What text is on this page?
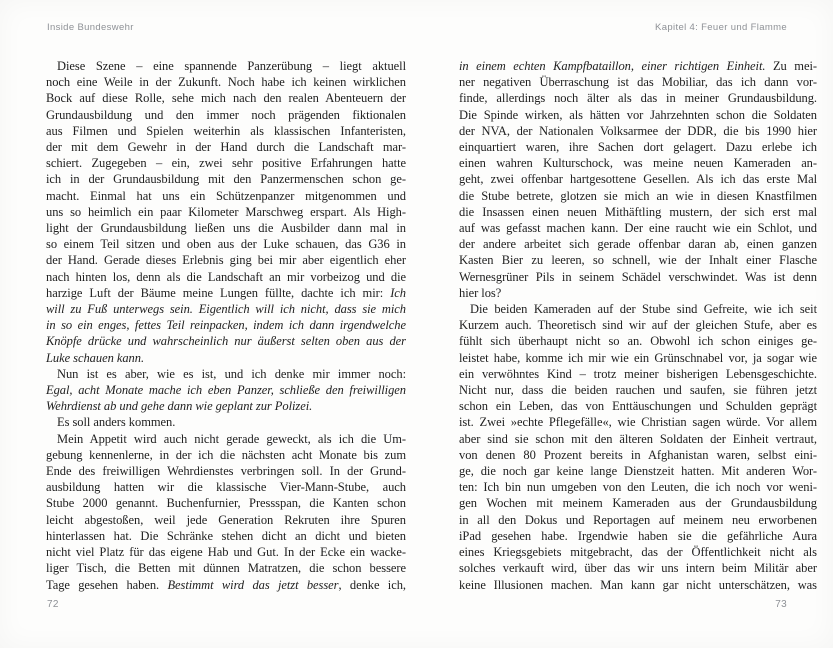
Inside Bundeswehr	Kapitel 4: Feuer und Flamme
Diese Szene – eine spannende Panzerübung – liegt aktuell
noch eine Weile in der Zukunft. Noch habe ich keinen wirklichen
Bock auf diese Rolle, sehe mich nach den realen Abenteuern der
Grundausbildung und den immer noch prägenden fiktionalen
aus Filmen und Spielen weiterhin als klassischen Infanteristen,
der mit dem Gewehr in der Hand durch die Landschaft mar-
schiert. Zugegeben – ein, zwei sehr positive Erfahrungen hatte
ich in der Grundausbildung mit den Panzermenschen schon ge-
macht. Einmal hat uns ein Schützenpanzer mitgenommen und
uns so heimlich ein paar Kilometer Marschweg erspart. Als High-
light der Grundausbildung ließen uns die Ausbilder dann mal in
so einem Teil sitzen und oben aus der Luke schauen, das G36 in
der Hand. Gerade dieses Erlebnis ging bei mir aber eigentlich eher
nach hinten los, denn als die Landschaft an mir vorbeizog und die
harzige Luft der Bäume meine Lungen füllte, dachte ich mir: Ich
will zu Fuß unterwegs sein. Eigentlich will ich nicht, dass sie mich
in so ein enges, fettes Teil reinpacken, indem ich dann irgendwelche
Knöpfe drücke und wahrscheinlich nur äußerst selten oben aus der
Luke schauen kann.
Nun ist es aber, wie es ist, und ich denke mir immer noch:
Egal, acht Monate mache ich eben Panzer, schließe den freiwilligen
Wehrdienst ab und gehe dann wie geplant zur Polizei.
Es soll anders kommen.
Mein Appetit wird auch nicht gerade geweckt, als ich die Um-
gebung kennenlerne, in der ich die nächsten acht Monate bis zum
Ende des freiwilligen Wehrdienstes verbringen soll. In der Grund-
ausbildung hatten wir die klassische Vier-Mann-Stube, auch
Stube 2000 genannt. Buchenfurnier, Pressspan, die Kanten schon
leicht abgestoßen, weil jede Generation Rekruten ihre Spuren
hinterlassen hat. Die Schränke stehen dicht an dicht und bieten
nicht viel Platz für das eigene Hab und Gut. In der Ecke ein wacke-
liger Tisch, die Betten mit dünnen Matratzen, die schon bessere
Tage gesehen haben. Bestimmt wird das jetzt besser, denke ich,
in einem echten Kampfbataillon, einer richtigen Einheit. Zu mei-
ner negativen Überraschung ist das Mobiliar, das ich dann vor-
finde, allerdings noch älter als das in meiner Grundausbildung.
Die Spinde wirken, als hätten vor Jahrzehnten schon die Soldaten
der NVA, der Nationalen Volksarmee der DDR, die bis 1990 hier
einquartiert waren, ihre Sachen dort gelagert. Dazu erlebe ich
einen wahren Kulturschock, was meine neuen Kameraden an-
geht, zwei offenbar hartgesottene Gesellen. Als ich das erste Mal
die Stube betrete, glotzen sie mich an wie in diesen Knastfilmen
die Insassen einen neuen Mithäftling mustern, der sich erst mal
auf was gefasst machen kann. Der eine raucht wie ein Schlot, und
der andere arbeitet sich gerade offenbar daran ab, einen ganzen
Kasten Bier zu leeren, so schnell, wie der Inhalt einer Flasche
Wernesgrüner Pils in seinem Schädel verschwindet. Was ist denn
hier los?
Die beiden Kameraden auf der Stube sind Gefreite, wie ich seit
Kurzem auch. Theoretisch sind wir auf der gleichen Stufe, aber es
fühlt sich überhaupt nicht so an. Obwohl ich schon einiges ge-
leistet habe, komme ich mir wie ein Grünschnabel vor, ja sogar wie
ein verwöhntes Kind – trotz meiner bisherigen Lebensgeschichte.
Nicht nur, dass die beiden rauchen und saufen, sie führen jetzt
schon ein Leben, das von Enttäuschungen und Schulden geprägt
ist. Zwei »echte Pflegefälle«, wie Christian sagen würde. Vor allem
aber sind sie schon mit den älteren Soldaten der Einheit vertraut,
von denen 80 Prozent bereits in Afghanistan waren, selbst eini-
ge, die noch gar keine lange Dienstzeit hatten. Mit anderen Wor-
ten: Ich bin nun umgeben von den Leuten, die ich noch vor weni-
gen Wochen mit meinem Kameraden aus der Grundausbildung
in all den Dokus und Reportagen auf meinem neu erworbenen
iPad gesehen habe. Irgendwie haben sie die gefährliche Aura
eines Kriegsgebiets mitgebracht, das der Öffentlichkeit nicht als
solches verkauft wird, über das wir uns intern beim Militär aber
keine Illusionen machen. Man kann gar nicht unterschätzen, was
72	73
